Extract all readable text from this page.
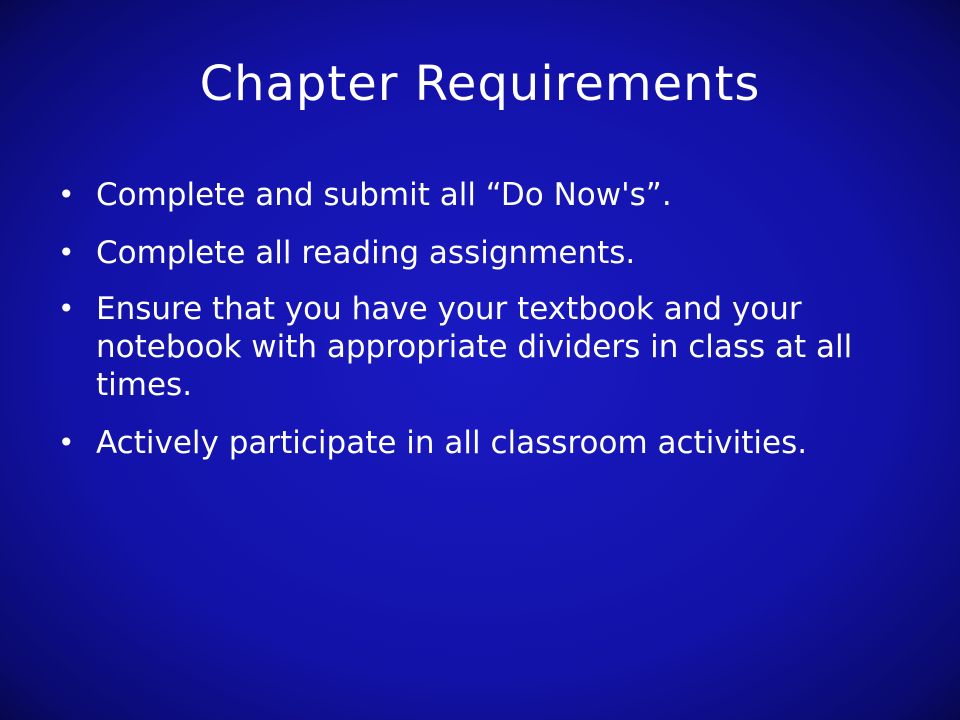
Chapter Requirements
• Complete and submit all “Do Now's”.
• Complete all reading assignments.
• Ensure that you have your textbook and your notebook with appropriate dividers in class at all times.
• Actively participate in all classroom activities.
